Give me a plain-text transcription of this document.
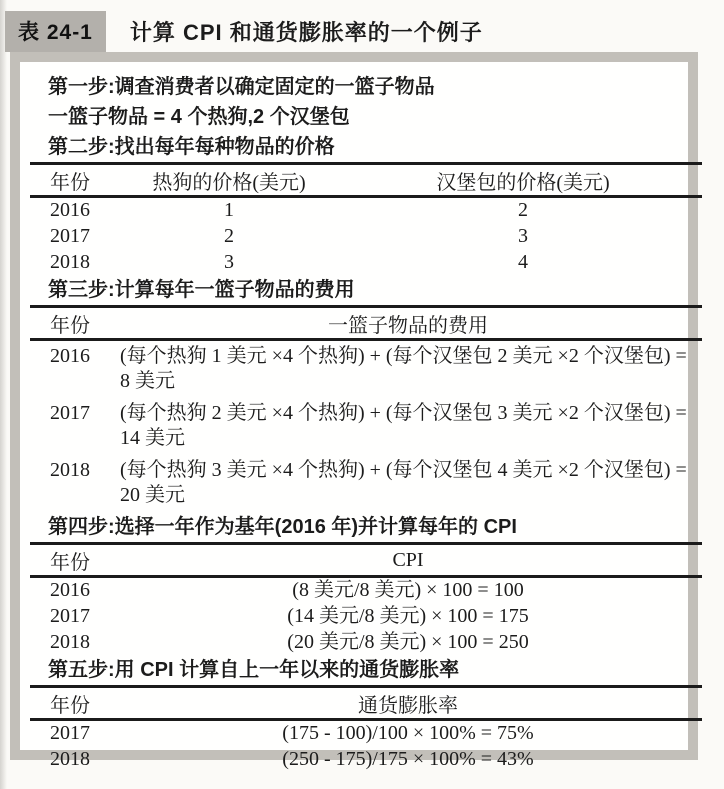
表 24-1	计算 CPI 和通货膨胀率的一个例子
第一步:调查消费者以确定固定的一篮子物品
一篮子物品 = 4 个热狗,2 个汉堡包
第二步:找出每年每种物品的价格
年份	热狗的价格(美元)	汉堡包的价格(美元)
2016	1	2
2017	2	3
2018	3	4
第三步:计算每年一篮子物品的费用
年份	一篮子物品的费用
2016	(每个热狗 1 美元 ×4 个热狗) + (每个汉堡包 2 美元 ×2 个汉堡包) = 8 美元
2017	(每个热狗 2 美元 ×4 个热狗) + (每个汉堡包 3 美元 ×2 个汉堡包) = 14 美元
2018	(每个热狗 3 美元 ×4 个热狗) + (每个汉堡包 4 美元 ×2 个汉堡包) = 20 美元
第四步:选择一年作为基年(2016 年)并计算每年的 CPI
年份	CPI
2016	(8 美元/8 美元) × 100 = 100
2017	(14 美元/8 美元) × 100 = 175
2018	(20 美元/8 美元) × 100 = 250
第五步:用 CPI 计算自上一年以来的通货膨胀率
年份	通货膨胀率
2017	(175 - 100)/100 × 100% = 75%
2018	(250 - 175)/175 × 100% = 43%
